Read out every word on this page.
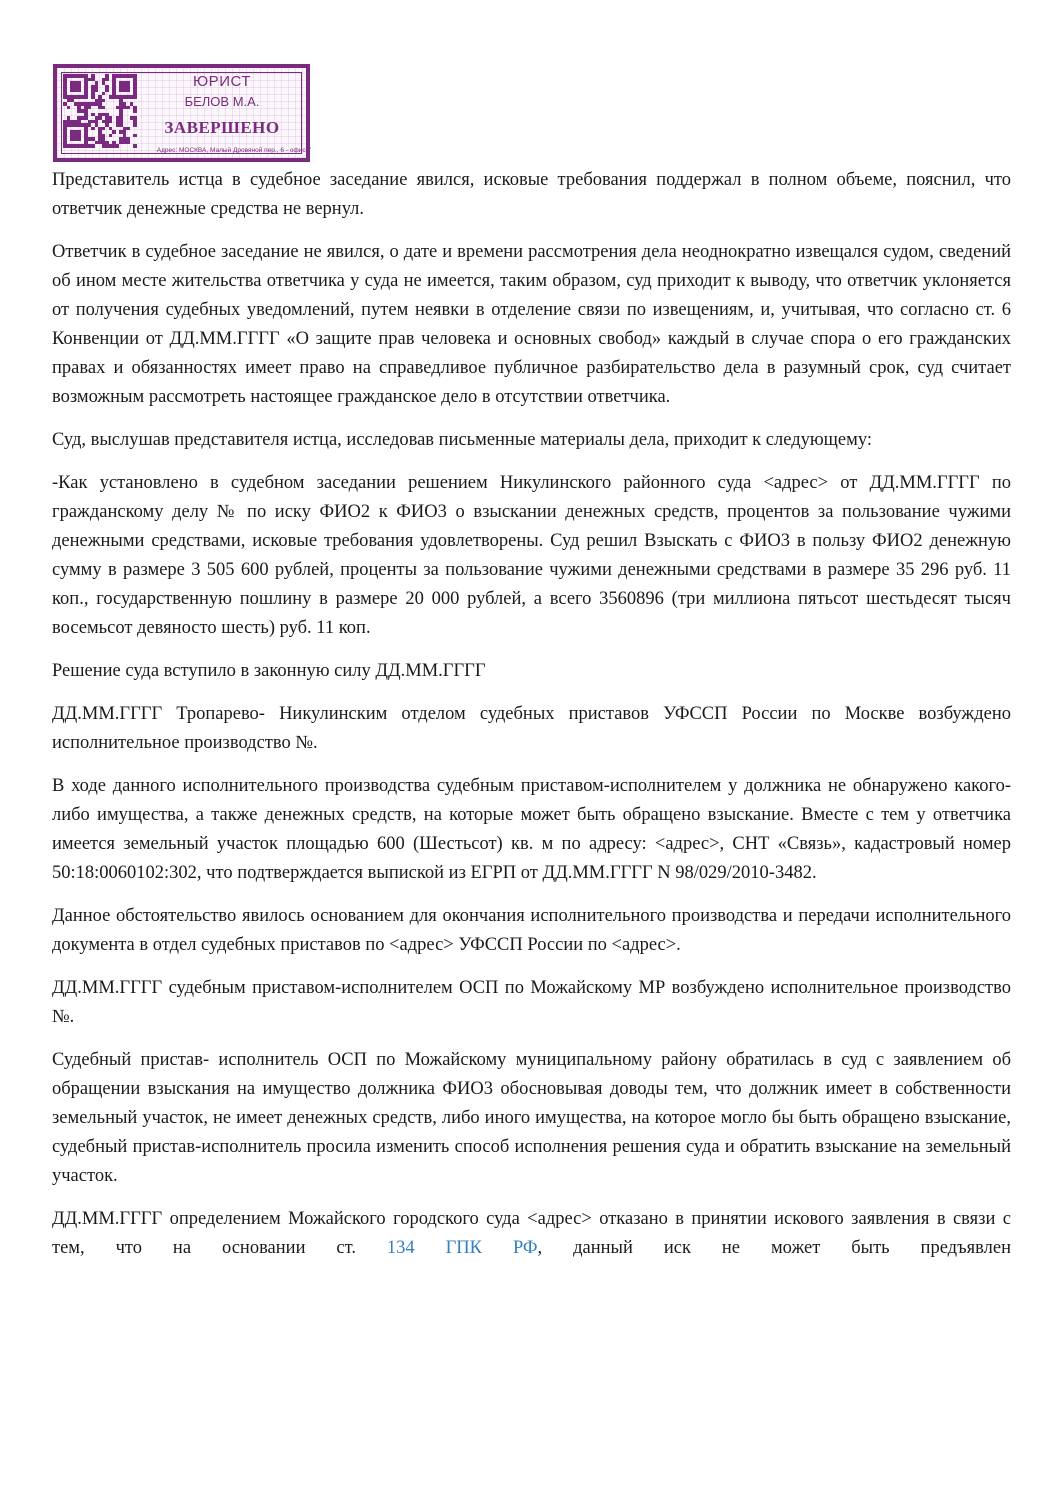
ЮРИСТ
БЕЛОВ М.А.
ЗАВЕРШЕНО
Адрес: МОСКВА, Малый Дровяной пер., 6 - офис 7

Представитель истца в судебное заседание явился, исковые требования поддержал в полном объеме, пояснил, что ответчик денежные средства не вернул.

Ответчик в судебное заседание не явился, о дате и времени рассмотрения дела неоднократно извещался судом, сведений об ином месте жительства ответчика у суда не имеется, таким образом, суд приходит к выводу, что ответчик уклоняется от получения судебных уведомлений, путем неявки в отделение связи по извещениям, и, учитывая, что согласно ст. 6 Конвенции от ДД.ММ.ГГГГ «О защите прав человека и основных свобод» каждый в случае спора о его гражданских правах и обязанностях имеет право на справедливое публичное разбирательство дела в разумный срок, суд считает возможным рассмотреть настоящее гражданское дело в отсутствии ответчика.

Суд, выслушав представителя истца, исследовав письменные материалы дела, приходит к следующему:

-Как установлено в судебном заседании решением Никулинского районного суда <адрес> от ДД.ММ.ГГГГ по гражданскому делу № по иску ФИО2 к ФИО3 о взыскании денежных средств, процентов за пользование чужими денежными средствами, исковые требования удовлетворены. Суд решил Взыскать с ФИО3 в пользу ФИО2 денежную сумму в размере 3 505 600 рублей, проценты за пользование чужими денежными средствами в размере 35 296 руб. 11 коп., государственную пошлину в размере 20 000 рублей, а всего 3560896 (три миллиона пятьсот шестьдесят тысяч восемьсот девяносто шесть) руб. 11 коп.

Решение суда вступило в законную силу ДД.ММ.ГГГГ

ДД.ММ.ГГГГ Тропарево- Никулинским отделом судебных приставов УФССП России по Москве возбуждено исполнительное производство №.

В ходе данного исполнительного производства судебным приставом-исполнителем у должника не обнаружено какого-либо имущества, а также денежных средств, на которые может быть обращено взыскание. Вместе с тем у ответчика имеется земельный участок площадью 600 (Шестьсот) кв. м по адресу: <адрес>, СНТ «Связь», кадастровый номер 50:18:0060102:302, что подтверждается выпиской из ЕГРП от ДД.ММ.ГГГГ N 98/029/2010-3482.

Данное обстоятельство явилось основанием для окончания исполнительного производства и передачи исполнительного документа в отдел судебных приставов по <адрес> УФССП России по <адрес>.

ДД.ММ.ГГГГ судебным приставом-исполнителем ОСП по Можайскому МР возбуждено исполнительное производство №.

Судебный пристав- исполнитель ОСП по Можайскому муниципальному району обратилась в суд с заявлением об обращении взыскания на имущество должника ФИО3 обосновывая доводы тем, что должник имеет в собственности земельный участок, не имеет денежных средств, либо иного имущества, на которое могло бы быть обращено взыскание, судебный пристав-исполнитель просила изменить способ исполнения решения суда и обратить взыскание на земельный участок.

ДД.ММ.ГГГГ определением Можайского городского суда <адрес> отказано в принятии искового заявления в связи с тем, что на основании ст. 134 ГПК РФ, данный иск не может быть предъявлен
